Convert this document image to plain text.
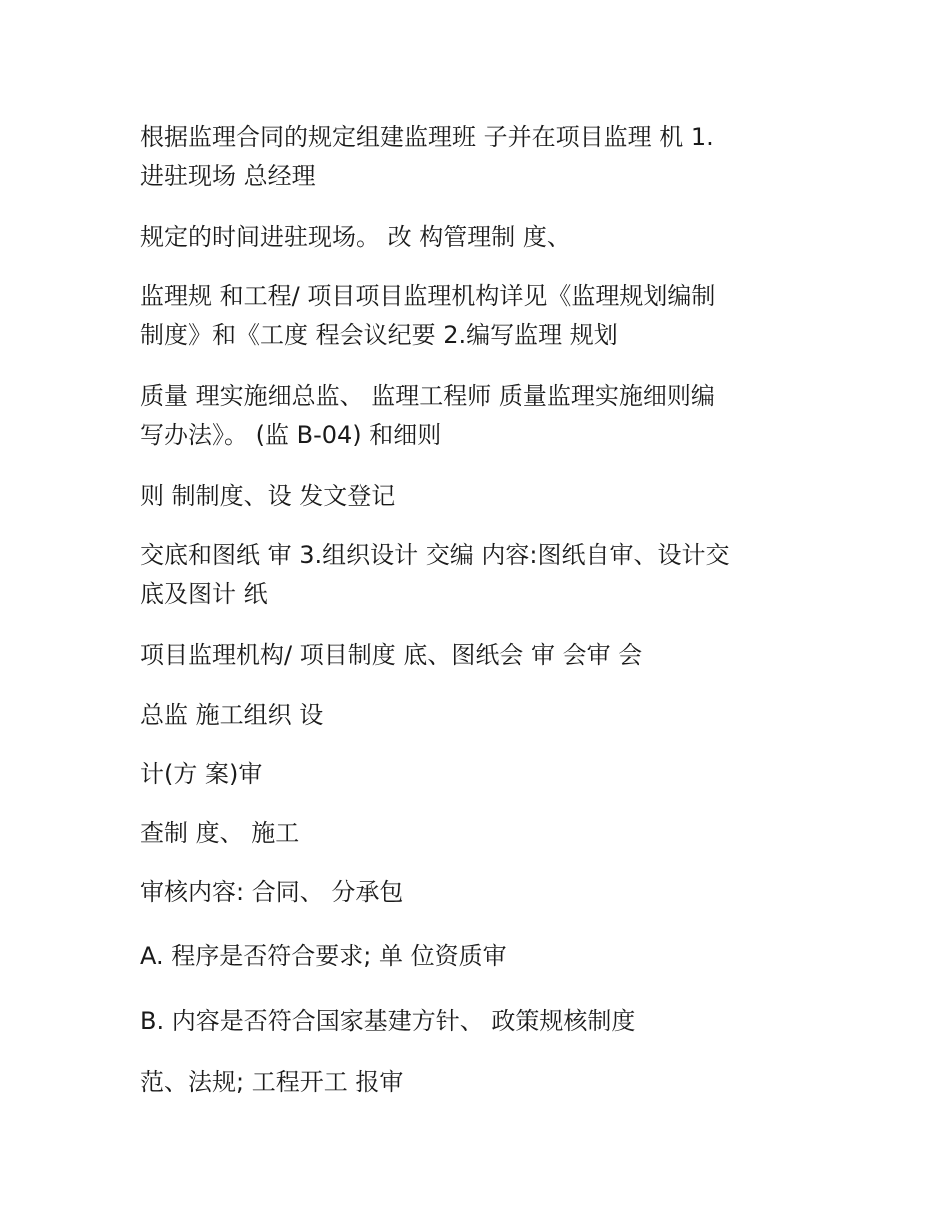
根据监理合同的规定组建监理班 子并在项目监理 机 1.
进驻现场 总经理

规定的时间进驻现场。 改 构管理制 度、

监理规 和工程/ 项目项目监理机构详见《监理规划编制
制度》和《工度 程会议纪要 2.编写监理 规划

质量 理实施细总监、 监理工程师 质量监理实施细则编
写办法》。 (监 B-04) 和细则

则 制制度、设 发文登记

交底和图纸 审 3.组织设计 交编 内容:图纸自审、设计交
底及图计 纸

项目监理机构/ 项目制度 底、图纸会 审 会审 会

总监 施工组织 设

计(方 案)审

查制 度、 施工

审核内容: 合同、 分承包

A. 程序是否符合要求; 单 位资质审

B. 内容是否符合国家基建方针、 政策规核制度

范、法规; 工程开工 报审
